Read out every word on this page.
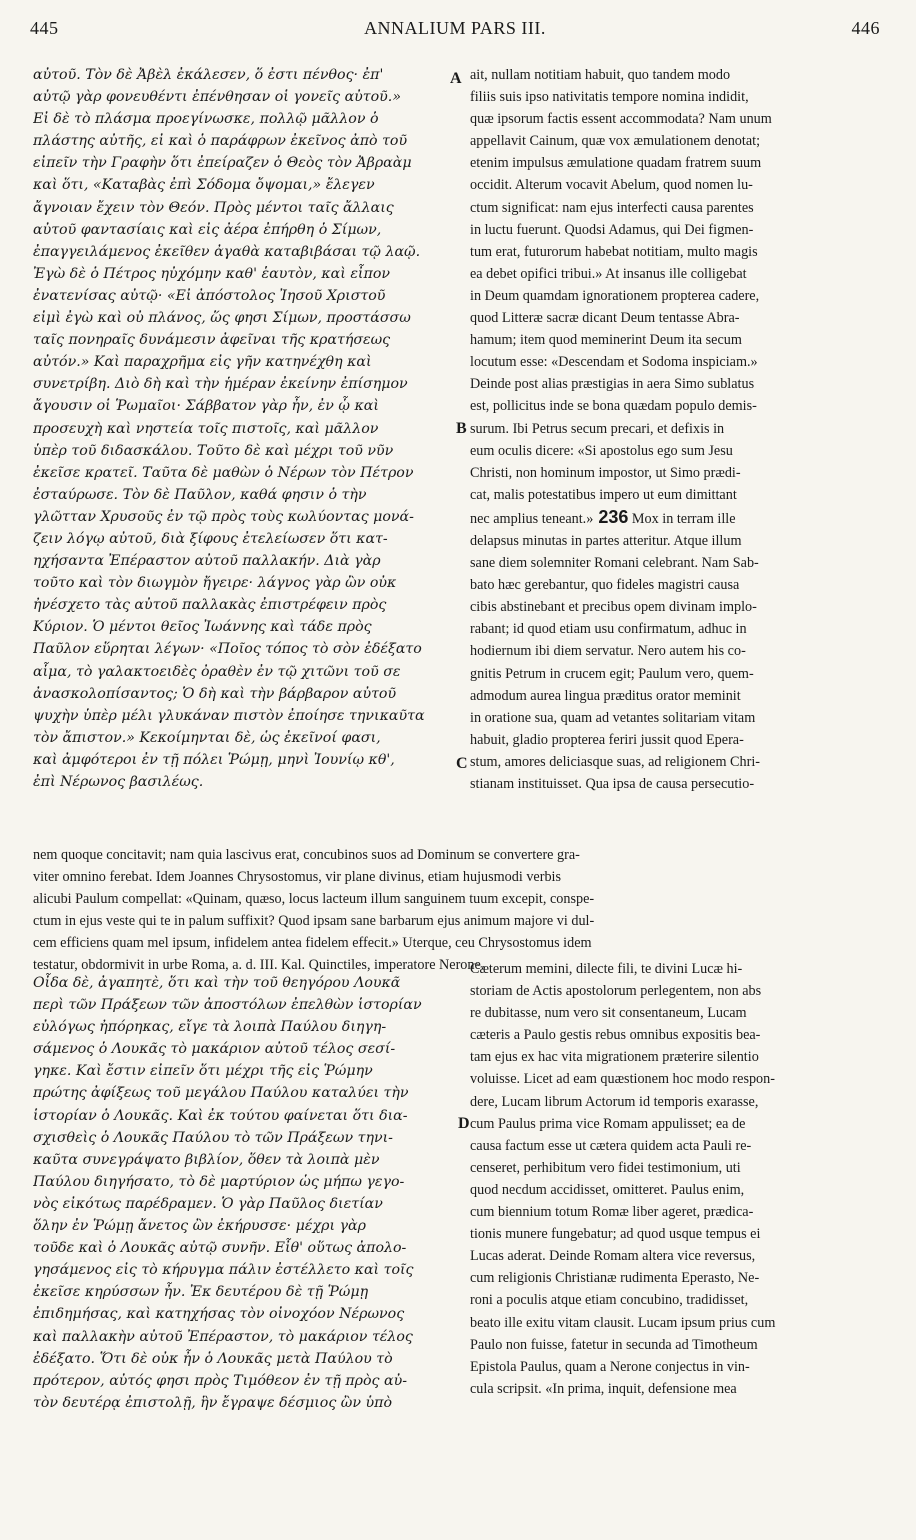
445	ANNALIUM PARS III.	446
A
B
C
D
αὐτοῦ. Τὸν δὲ Ἀβὲλ ἐκάλεσεν, ὅ ἐστι πένθος· ἐπ'
αὐτῷ γὰρ φονευθέντι ἐπένθησαν οἱ γονεῖς αὐτοῦ.»
Εἰ δὲ τὸ πλάσμα προεγίνωσκε, πολλῷ μᾶλλον ὁ
πλάστης αὐτῆς, εἰ καὶ ὁ παράφρων ἐκεῖνος ἀπὸ τοῦ
εἰπεῖν τὴν Γραφὴν ὅτι ἐπείραζεν ὁ Θεὸς τὸν Ἀβραὰμ
καὶ ὅτι, «Καταβὰς ἐπὶ Σόδομα ὄψομαι,» ἔλεγεν
ἄγνοιαν ἔχειν τὸν Θεόν. Πρὸς μέντοι ταῖς ἄλλαις
αὐτοῦ φαντασίαις καὶ εἰς ἀέρα ἐπήρθη ὁ Σίμων,
ἐπαγγειλάμενος ἐκεῖθεν ἀγαθὰ καταβιβάσαι τῷ λαῷ.
Ἐγὼ δὲ ὁ Πέτρος ηὐχόμην καθ' ἑαυτὸν, καὶ εἶπον
ἐνατενίσας αὐτῷ· «Εἰ ἀπόστολος Ἰησοῦ Χριστοῦ
εἰμὶ ἐγὼ καὶ οὐ πλάνος, ὥς φησι Σίμων, προστάσσω
ταῖς πονηραῖς δυνάμεσιν ἀφεῖναι τῆς κρατήσεως
αὐτόν.» Καὶ παραχρῆμα εἰς γῆν κατηνέχθη καὶ
συνετρίβη. Διὸ δὴ καὶ τὴν ἡμέραν ἐκείνην ἐπίσημον
ἄγουσιν οἱ Ῥωμαῖοι· Σάββατον γὰρ ἦν, ἐν ᾧ καὶ
προσευχὴ καὶ νηστεία τοῖς πιστοῖς, καὶ μᾶλλον
ὑπὲρ τοῦ διδασκάλου. Τοῦτο δὲ καὶ μέχρι τοῦ νῦν
ἐκεῖσε κρατεῖ. Ταῦτα δὲ μαθὼν ὁ Νέρων τὸν Πέτρον
ἐσταύρωσε. Τὸν δὲ Παῦλον, καθά φησιν ὁ τὴν
γλῶτταν Χρυσοῦς ἐν τῷ πρὸς τοὺς κωλύοντας μονά-
ζειν λόγῳ αὐτοῦ, διὰ ξίφους ἐτελείωσεν ὅτι κατ-
ηχήσαντα Ἐπέραστον αὐτοῦ παλλακήν. Διὰ γὰρ
τοῦτο καὶ τὸν διωγμὸν ἤγειρε· λάγνος γὰρ ὢν οὐκ
ἠνέσχετο τὰς αὐτοῦ παλλακὰς ἐπιστρέφειν πρὸς
Κύριον. Ὁ μέντοι θεῖος Ἰωάννης καὶ τάδε πρὸς
Παῦλον εὕρηται λέγων· «Ποῖος τόπος τὸ σὸν ἐδέξατο
αἷμα, τὸ γαλακτοειδὲς ὀραθὲν ἐν τῷ χιτῶνι τοῦ σε
ἀνασκολοπίσαντος; Ὁ δὴ καὶ τὴν βάρβαρον αὐτοῦ
ψυχὴν ὑπὲρ μέλι γλυκάναν πιστὸν ἐποίησε τηνικαῦτα
τὸν ἄπιστον.» Κεκοίμηνται δὲ, ὡς ἐκεῖνοί φασι,
καὶ ἀμφότεροι ἐν τῇ πόλει Ῥώμῃ, μηνὶ Ἰουνίῳ κθ',
ἐπὶ Νέρωνος βασιλέως.
ait, nullam notitiam habuit, quo tandem modo
filiis suis ipso nativitatis tempore nomina indidit,
quæ ipsorum factis essent accommodata? Nam unum
appellavit Cainum, quæ vox æmulationem denotat;
etenim impulsus æmulatione quadam fratrem suum
occidit. Alterum vocavit Abelum, quod nomen lu-
ctum significat: nam ejus interfecti causa parentes
in luctu fuerunt. Quodsi Adamus, qui Dei figmen-
tum erat, futurorum habebat notitiam, multo magis
ea debet opifici tribui.» At insanus ille colligebat
in Deum quamdam ignorationem propterea cadere,
quod Litteræ sacræ dicant Deum tentasse Abra-
hamum; item quod meminerint Deum ita secum
locutum esse: «Descendam et Sodoma inspiciam.»
Deinde post alias præstigias in aera Simo sublatus
est, pollicitus inde se bona quædam populo demis-
surum. Ibi Petrus secum precari, et defixis in
eum oculis dicere: «Si apostolus ego sum Jesu
Christi, non hominum impostor, ut Simo prædi-
cat, malis potestatibus impero ut eum dimittant
nec amplius teneant.» 236 Mox in terram ille
delapsus minutas in partes atteritur. Atque illum
sane diem solemniter Romani celebrant. Nam Sab-
bato hæc gerebantur, quo fideles magistri causa
cibis abstinebant et precibus opem divinam implo-
rabant; id quod etiam usu confirmatum, adhuc in
hodiernum ibi diem servatur. Nero autem his co-
gnitis Petrum in crucem egit; Paulum vero, quem-
admodum aurea lingua præditus orator meminit
in oratione sua, quam ad vetantes solitariam vitam
habuit, gladio propterea feriri jussit quod Epera-
stum, amores deliciasque suas, ad religionem Chri-
stianam instituisset. Qua ipsa de causa persecutio-
nem quoque concitavit; nam quia lascivus erat, concubinos suos ad Dominum se convertere gra-
viter omnino ferebat. Idem Joannes Chrysostomus, vir plane divinus, etiam hujusmodi verbis
alicubi Paulum compellat: «Quinam, quæso, locus lacteum illum sanguinem tuum excepit, conspe-
ctum in ejus veste qui te in palum suffixit? Quod ipsam sane barbarum ejus animum majore vi dul-
cem efficiens quam mel ipsum, infidelem antea fidelem effecit.» Uterque, ceu Chrysostomus idem
testatur, obdormivit in urbe Roma, a. d. III. Kal. Quinctiles, imperatore Nerone.
Οἶδα δὲ, ἀγαπητὲ, ὅτι καὶ τὴν τοῦ θεηγόρου Λουκᾶ
περὶ τῶν Πράξεων τῶν ἀποστόλων ἐπελθὼν ἱστορίαν
εὐλόγως ἠπόρηκας, εἴγε τὰ λοιπὰ Παύλου διηγη-
σάμενος ὁ Λουκᾶς τὸ μακάριον αὐτοῦ τέλος σεσί-
γηκε. Καὶ ἔστιν εἰπεῖν ὅτι μέχρι τῆς εἰς Ῥώμην
πρώτης ἀφίξεως τοῦ μεγάλου Παύλου καταλύει τὴν
ἱστορίαν ὁ Λουκᾶς. Καὶ ἐκ τούτου φαίνεται ὅτι δια-
σχισθεὶς ὁ Λουκᾶς Παύλου τὸ τῶν Πράξεων τηνι-
καῦτα συνεγράψατο βιβλίον, ὅθεν τὰ λοιπὰ μὲν
Παύλου διηγήσατο, τὸ δὲ μαρτύριον ὡς μήπω γεγο-
νὸς εἰκότως παρέδραμεν. Ὁ γὰρ Παῦλος διετίαν
ὅλην ἐν Ῥώμῃ ἄνετος ὢν ἐκήρυσσε· μέχρι γὰρ
τοῦδε καὶ ὁ Λουκᾶς αὐτῷ συνῆν. Εἶθ' οὕτως ἀπολο-
γησάμενος εἰς τὸ κήρυγμα πάλιν ἐστέλλετο καὶ τοῖς
ἐκεῖσε κηρύσσων ἦν. Ἐκ δευτέρου δὲ τῇ Ῥώμῃ
ἐπιδημήσας, καὶ κατηχήσας τὸν οἰνοχόον Νέρωνος
καὶ παλλακὴν αὐτοῦ Ἐπέραστον, τὸ μακάριον τέλος
ἐδέξατο. Ὅτι δὲ οὐκ ἦν ὁ Λουκᾶς μετὰ Παύλου τὸ
πρότερον, αὐτός φησι πρὸς Τιμόθεον ἐν τῇ πρὸς αὐ-
τὸν δευτέρᾳ ἐπιστολῇ, ἣν ἔγραψε δέσμιος ὢν ὑπὸ
Cæterum memini, dilecte fili, te divini Lucæ hi-
storiam de Actis apostolorum perlegentem, non abs
re dubitasse, num vero sit consentaneum, Lucam
cæteris a Paulo gestis rebus omnibus expositis bea-
tam ejus ex hac vita migrationem præterire silentio
voluisse. Licet ad eam quæstionem hoc modo respon-
dere, Lucam librum Actorum id temporis exarasse,
cum Paulus prima vice Romam appulisset; ea de
causa factum esse ut cætera quidem acta Pauli re-
censeret, perhibitum vero fidei testimonium, uti
quod necdum accidisset, omitteret. Paulus enim,
cum biennium totum Romæ liber ageret, prædica-
tionis munere fungebatur; ad quod usque tempus ei
Lucas aderat. Deinde Romam altera vice reversus,
cum religionis Christianæ rudimenta Eperasto, Ne-
roni a poculis atque etiam concubino, tradidisset,
beato ille exitu vitam clausit. Lucam ipsum prius cum
Paulo non fuisse, fatetur in secunda ad Timotheum
Epistola Paulus, quam a Nerone conjectus in vin-
cula scripsit. «In prima, inquit, defensione mea
